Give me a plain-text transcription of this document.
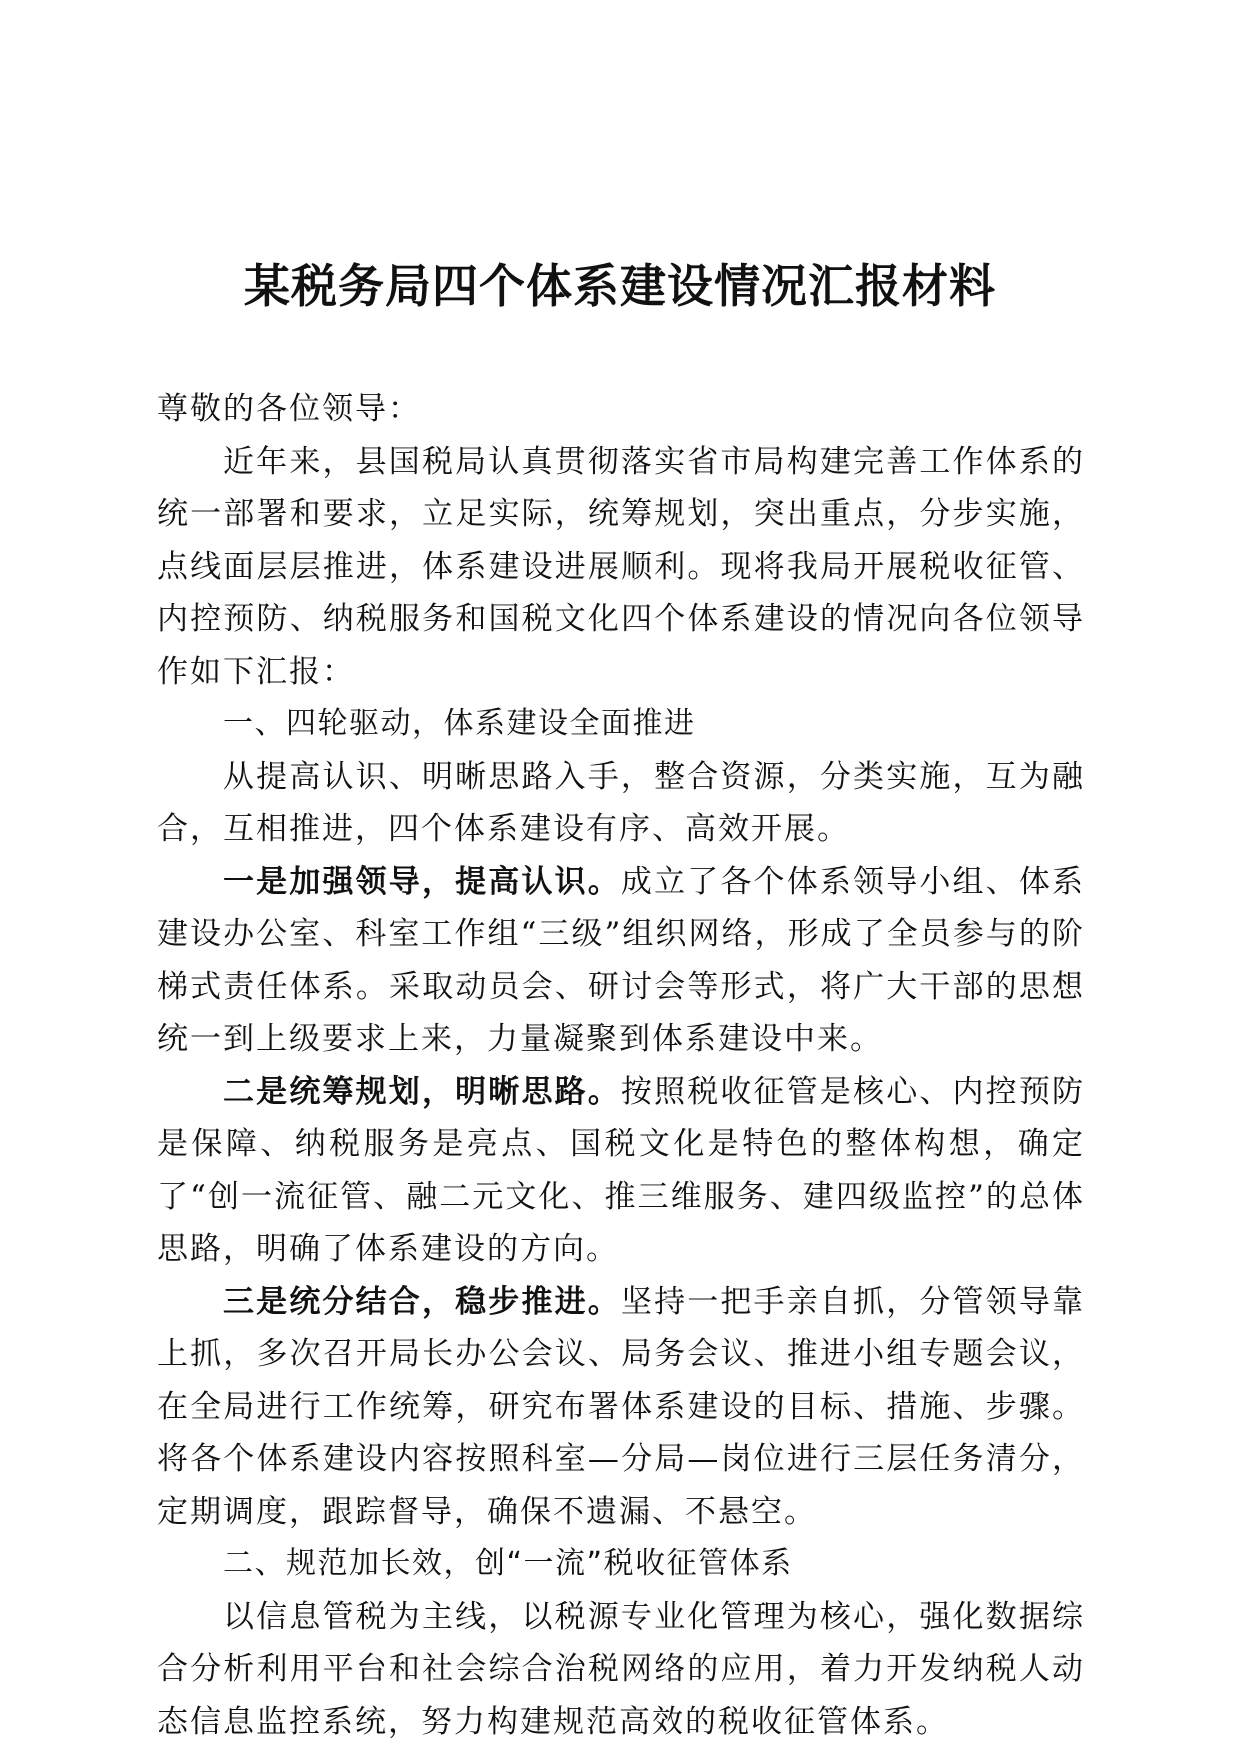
某税务局四个体系建设情况汇报材料

尊敬的各位领导：

近年来，县国税局认真贯彻落实省市局构建完善工作体系的统一部署和要求，立足实际，统筹规划，突出重点，分步实施，点线面层层推进，体系建设进展顺利。现将我局开展税收征管、内控预防、纳税服务和国税文化四个体系建设的情况向各位领导作如下汇报：

一、四轮驱动，体系建设全面推进

从提高认识、明晰思路入手，整合资源，分类实施，互为融合，互相推进，四个体系建设有序、高效开展。

一是加强领导，提高认识。成立了各个体系领导小组、体系建设办公室、科室工作组“三级”组织网络，形成了全员参与的阶梯式责任体系。采取动员会、研讨会等形式，将广大干部的思想统一到上级要求上来，力量凝聚到体系建设中来。

二是统筹规划，明晰思路。按照税收征管是核心、内控预防是保障、纳税服务是亮点、国税文化是特色的整体构想，确定了“创一流征管、融二元文化、推三维服务、建四级监控”的总体思路，明确了体系建设的方向。

三是统分结合，稳步推进。坚持一把手亲自抓，分管领导靠上抓，多次召开局长办公会议、局务会议、推进小组专题会议，在全局进行工作统筹，研究布署体系建设的目标、措施、步骤。将各个体系建设内容按照科室—分局—岗位进行三层任务清分，定期调度，跟踪督导，确保不遗漏、不悬空。

二、规范加长效，创“一流”税收征管体系

以信息管税为主线，以税源专业化管理为核心，强化数据综合分析利用平台和社会综合治税网络的应用，着力开发纳税人动态信息监控系统，努力构建规范高效的税收征管体系。
